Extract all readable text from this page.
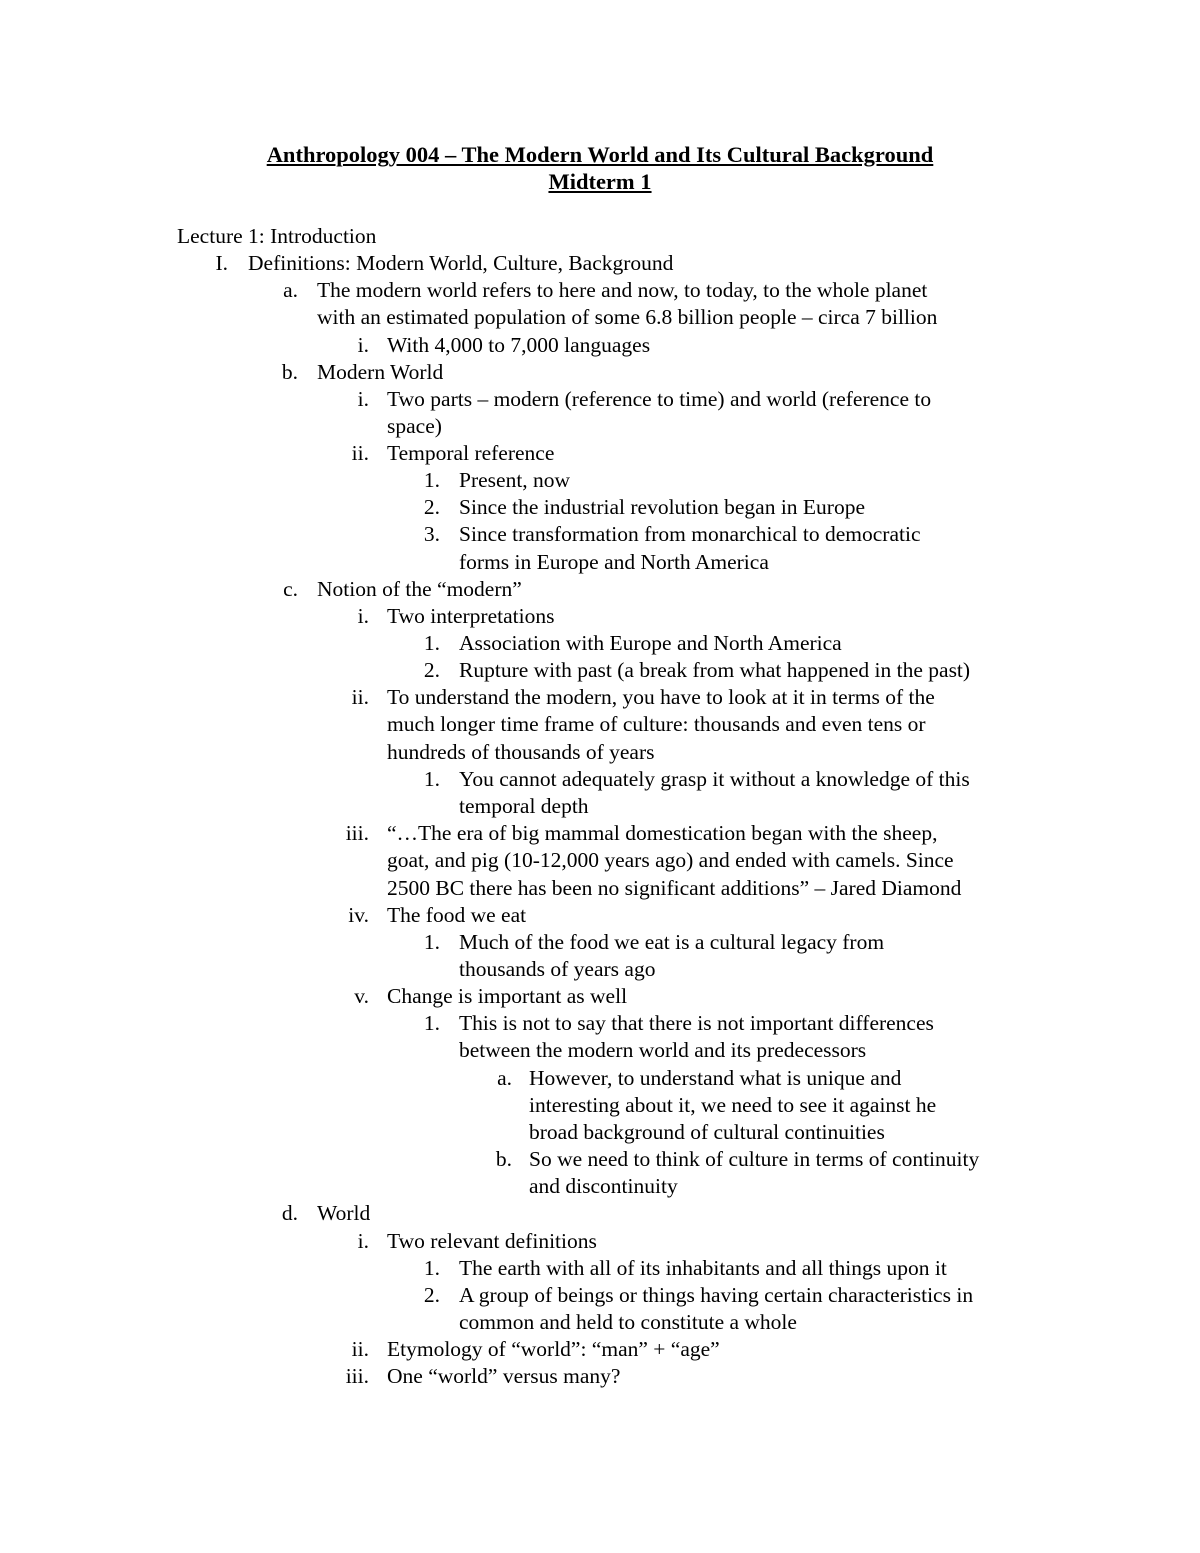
Anthropology 004 – The Modern World and Its Cultural Background
Midterm 1
Lecture 1: Introduction
I. Definitions: Modern World, Culture, Background
a. The modern world refers to here and now, to today, to the whole planet
with an estimated population of some 6.8 billion people – circa 7 billion
i. With 4,000 to 7,000 languages
b. Modern World
i. Two parts – modern (reference to time) and world (reference to
space)
ii. Temporal reference
1. Present, now
2. Since the industrial revolution began in Europe
3. Since transformation from monarchical to democratic
forms in Europe and North America
c. Notion of the “modern”
i. Two interpretations
1. Association with Europe and North America
2. Rupture with past (a break from what happened in the past)
ii. To understand the modern, you have to look at it in terms of the
much longer time frame of culture: thousands and even tens or
hundreds of thousands of years
1. You cannot adequately grasp it without a knowledge of this
temporal depth
iii. “…The era of big mammal domestication began with the sheep,
goat, and pig (10-12,000 years ago) and ended with camels. Since
2500 BC there has been no significant additions” – Jared Diamond
iv. The food we eat
1. Much of the food we eat is a cultural legacy from
thousands of years ago
v. Change is important as well
1. This is not to say that there is not important differences
between the modern world and its predecessors
a. However, to understand what is unique and
interesting about it, we need to see it against he
broad background of cultural continuities
b. So we need to think of culture in terms of continuity
and discontinuity
d. World
i. Two relevant definitions
1. The earth with all of its inhabitants and all things upon it
2. A group of beings or things having certain characteristics in
common and held to constitute a whole
ii. Etymology of “world”: “man” + “age”
iii. One “world” versus many?
